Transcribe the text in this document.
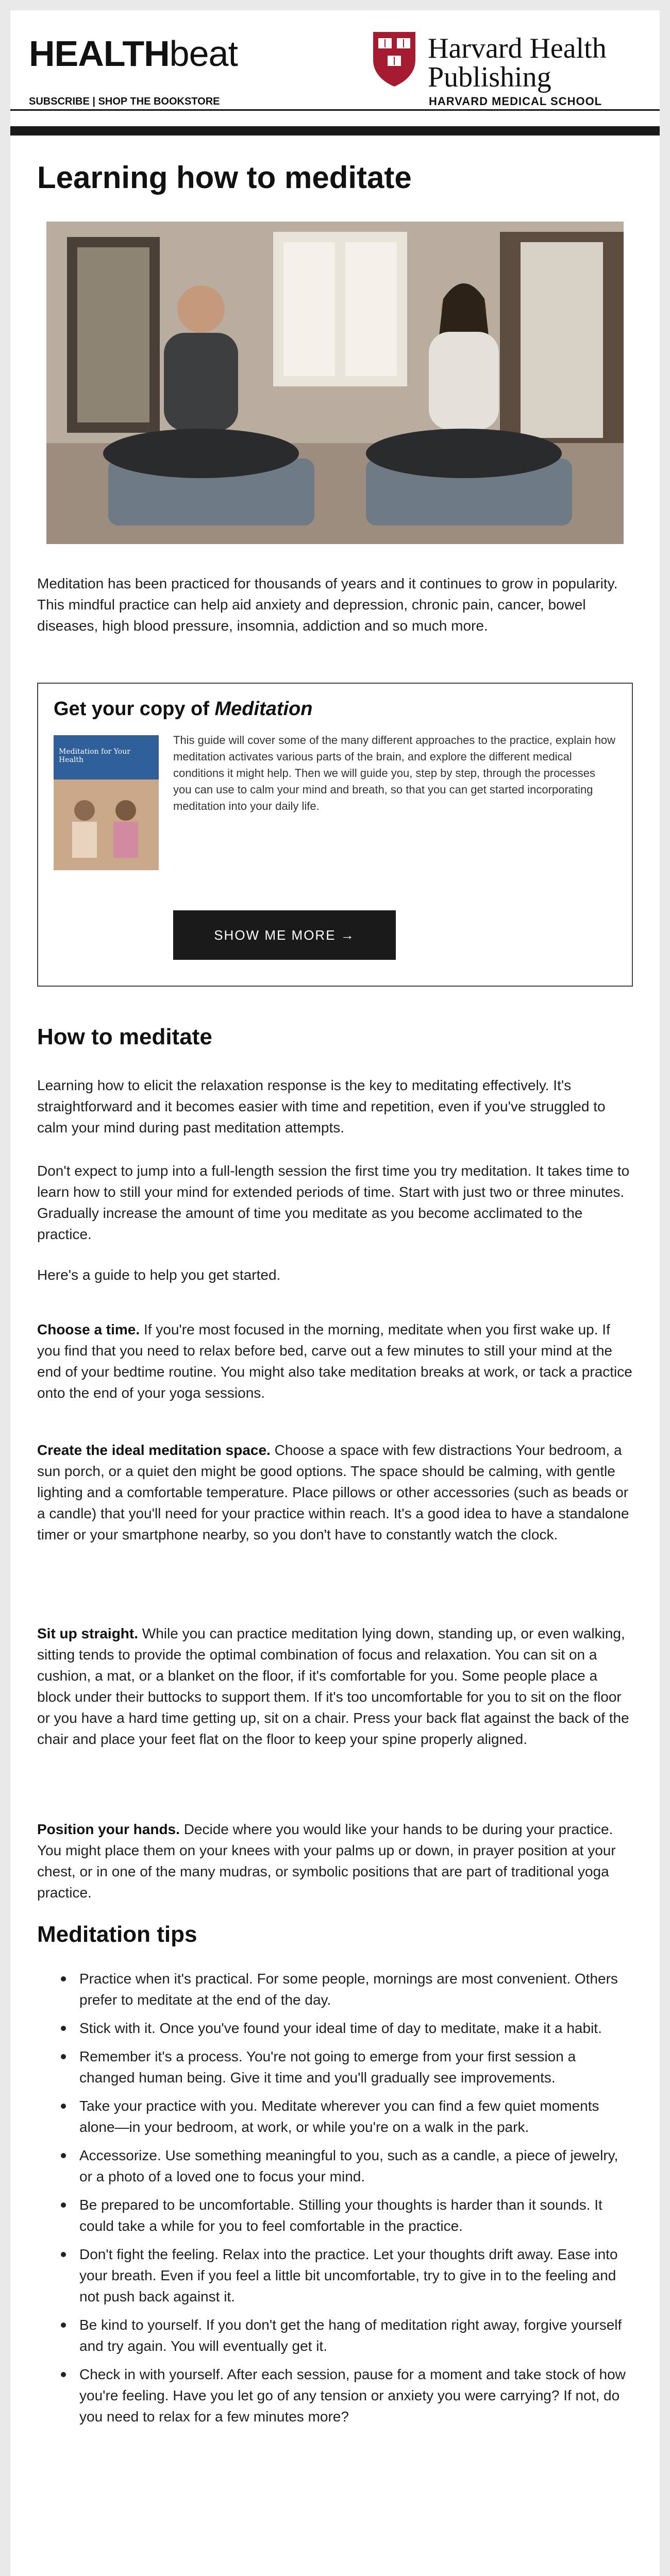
HEALTHbeat	Harvard Health
Publishing
HARVARD MEDICAL SCHOOL
SUBSCRIBE | SHOP THE BOOKSTORE
Learning how to meditate
Meditation has been practiced for thousands of years and it continues to grow in popularity. This mindful practice can help aid anxiety and depression, chronic pain, cancer, bowel diseases, high blood pressure, insomnia, addiction and so much more.
Get your copy of Meditation
Meditation for Your Health
This guide will cover some of the many different approaches to the practice, explain how meditation activates various parts of the brain, and explore the different medical conditions it might help. Then we will guide you, step by step, through the processes you can use to calm your mind and breath, so that you can get started incorporating meditation into your daily life.
SHOW ME MORE →
How to meditate
Learning how to elicit the relaxation response is the key to meditating effectively. It's straightforward and it becomes easier with time and repetition, even if you've struggled to calm your mind during past meditation attempts.
Don't expect to jump into a full-length session the first time you try meditation. It takes time to learn how to still your mind for extended periods of time. Start with just two or three minutes. Gradually increase the amount of time you meditate as you become acclimated to the practice.
Here's a guide to help you get started.
Choose a time. If you're most focused in the morning, meditate when you first wake up. If you find that you need to relax before bed, carve out a few minutes to still your mind at the end of your bedtime routine. You might also take meditation breaks at work, or tack a practice onto the end of your yoga sessions.
Create the ideal meditation space. Choose a space with few distractions Your bedroom, a sun porch, or a quiet den might be good options. The space should be calming, with gentle lighting and a comfortable temperature. Place pillows or other accessories (such as beads or a candle) that you'll need for your practice within reach. It's a good idea to have a standalone timer or your smartphone nearby, so you don't have to constantly watch the clock.
Sit up straight. While you can practice meditation lying down, standing up, or even walking, sitting tends to provide the optimal combination of focus and relaxation. You can sit on a cushion, a mat, or a blanket on the floor, if it's comfortable for you. Some people place a block under their buttocks to support them. If it's too uncomfortable for you to sit on the floor or you have a hard time getting up, sit on a chair. Press your back flat against the back of the chair and place your feet flat on the floor to keep your spine properly aligned.
Position your hands. Decide where you would like your hands to be during your practice. You might place them on your knees with your palms up or down, in prayer position at your chest, or in one of the many mudras, or symbolic positions that are part of traditional yoga practice.
Meditation tips
Practice when it's practical. For some people, mornings are most convenient. Others prefer to meditate at the end of the day.
Stick with it. Once you've found your ideal time of day to meditate, make it a habit.
Remember it's a process. You're not going to emerge from your first session a changed human being. Give it time and you'll gradually see improvements.
Take your practice with you. Meditate wherever you can find a few quiet moments alone—in your bedroom, at work, or while you're on a walk in the park.
Accessorize. Use something meaningful to you, such as a candle, a piece of jewelry, or a photo of a loved one to focus your mind.
Be prepared to be uncomfortable. Stilling your thoughts is harder than it sounds. It could take a while for you to feel comfortable in the practice.
Don't fight the feeling. Relax into the practice. Let your thoughts drift away. Ease into your breath. Even if you feel a little bit uncomfortable, try to give in to the feeling and not push back against it.
Be kind to yourself. If you don't get the hang of meditation right away, forgive yourself and try again. You will eventually get it.
Check in with yourself. After each session, pause for a moment and take stock of how you're feeling. Have you let go of any tension or anxiety you were carrying? If not, do you need to relax for a few minutes more?
